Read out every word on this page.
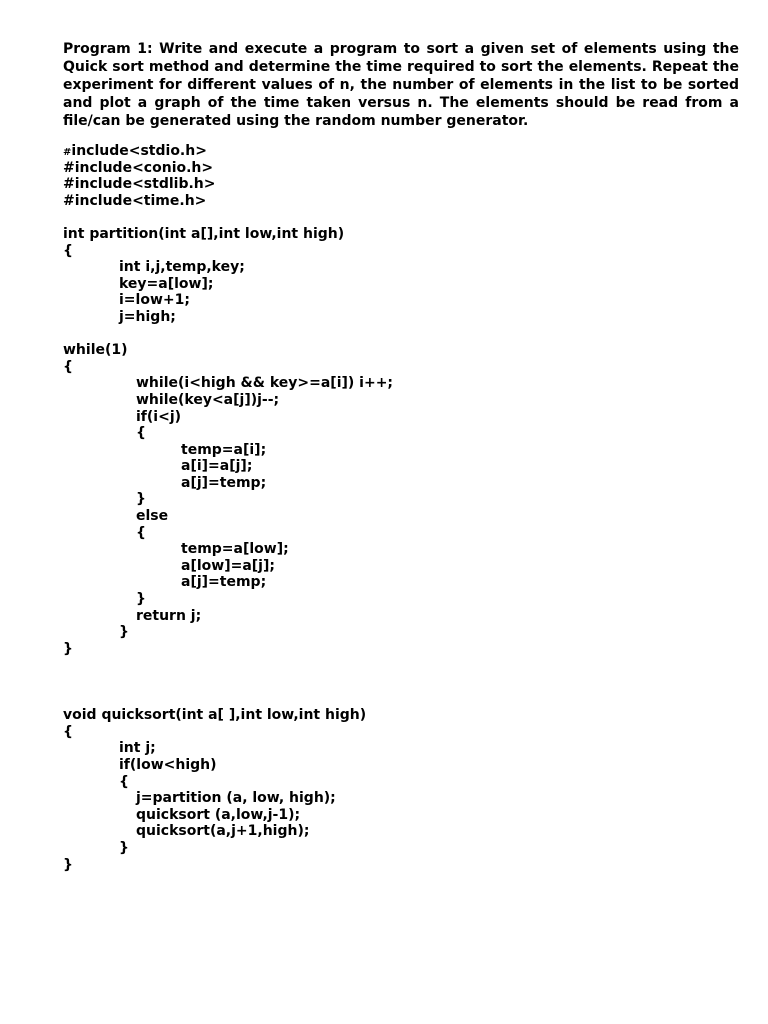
Program 1: Write and execute a program to sort a given set of elements using the Quick sort method and determine the time required to sort the elements. Repeat the experiment for different values of n, the number of elements in the list to be sorted and plot a graph of the time taken versus n. The elements should be read from a file/can be generated using the random number generator.

#include<stdio.h>
#include<conio.h>
#include<stdlib.h>
#include<time.h>
int partition(int a[],int low,int high)
{
int i,j,temp,key;
key=a[low];
i=low+1;
j=high;
while(1)
{
while(i<high && key>=a[i]) i++;
while(key<a[j])j--;
if(i<j)
{
temp=a[i];
a[i]=a[j];
a[j]=temp;
}
else
{
temp=a[low];
a[low]=a[j];
a[j]=temp;
}
return j;
}
}
void quicksort(int a[ ],int low,int high)
{
int j;
if(low<high)
{
j=partition (a, low, high);
quicksort (a,low,j-1);
quicksort(a,j+1,high);
}
}
